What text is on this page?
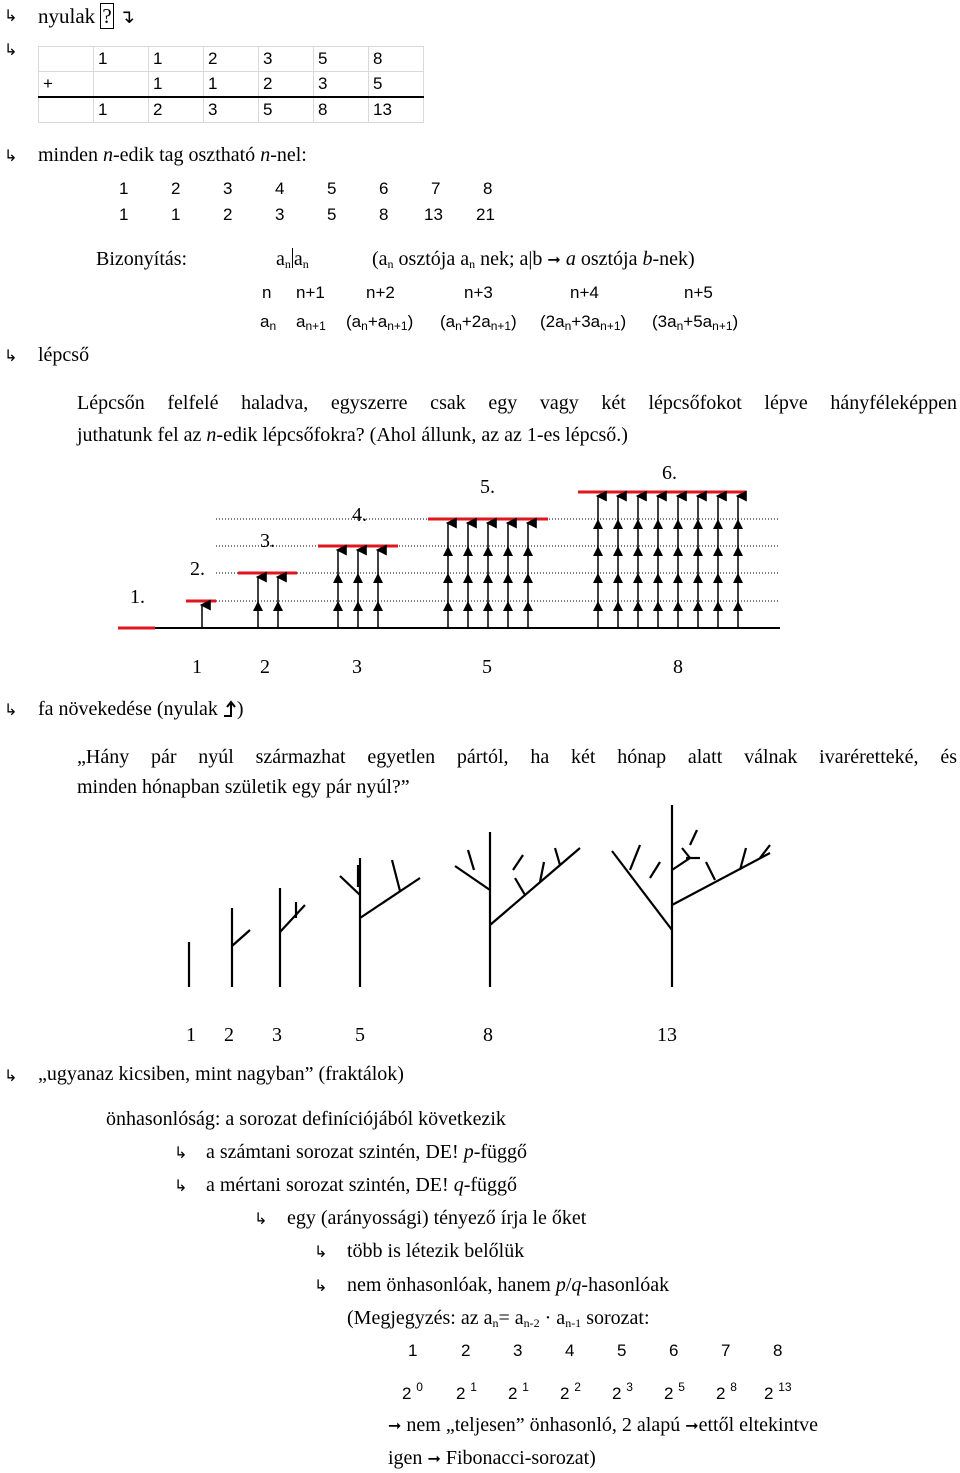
↳ nyulak ? ↴
↳
		1	1	2	3	5	8
+		1	1	2	3	5
	1	2	3	5	8	13
↳ minden n-edik tag osztható n-nel:
1	2	3	4	5	6	7	8
1	1	2	3	5	8 13 21
Bizonyítás:	$a_n$ $a_n$	($a_n$ osztója $a_n$ nek; a|b ➞ a osztója b-nek)
n n+1 n+2	n+3	n+4	n+5
$a_n$ $a_{n+1}$ $(a_n+a_{n+1})$ $(a_n+2a_{n+1})$ $(2a_n+3a_{n+1})$ $(3a_n+5a_{n+1})$
↳ lépcső
Lépcsőn felfelé haladva, egyszerre csak egy vagy két lépcsőfokot lépve hányféleképpen
juthatunk fel az n-edik lépcsőfokra? (Ahol állunk, az az 1-es lépcső.)
1.
2.
3.
4.
5.
6.
1	2	3	5	8
↳ fa növekedése (nyulak
)
„Hány pár nyúl származhat egyetlen pártól, ha két hónap alatt válnak ivaréretteké, és
minden hónapban születik egy pár nyúl?”
1 2 3	5	8	13
↳ „ugyanaz kicsiben, mint nagyban” (fraktálok)
önhasonlóság: a sorozat definíciójából következik
↳ a számtani sorozat szintén, DE! p-függő
↳ a mértani sorozat szintén, DE! q-függő
↳ egy (arányossági) tényező írja le őket
↳ több is létezik belőlük
↳ nem önhasonlóak, hanem p/q-hasonlóak
(Megjegyzés: az $a_n= a_{n-2} \cdot a_{n-1}$ sorozat:
1	2	3	4	5	6	7	8
2 $^0$ 2 $^1$ 2 $^1$ 2 $^2$ 2 $^3$ 2 $^5$ 2 $^8$ 2 $^{13}$
➞ nem „teljesen” önhasonló, 2 alapú ➞ettől eltekintve
igen ➞ Fibonacci-sorozat)
